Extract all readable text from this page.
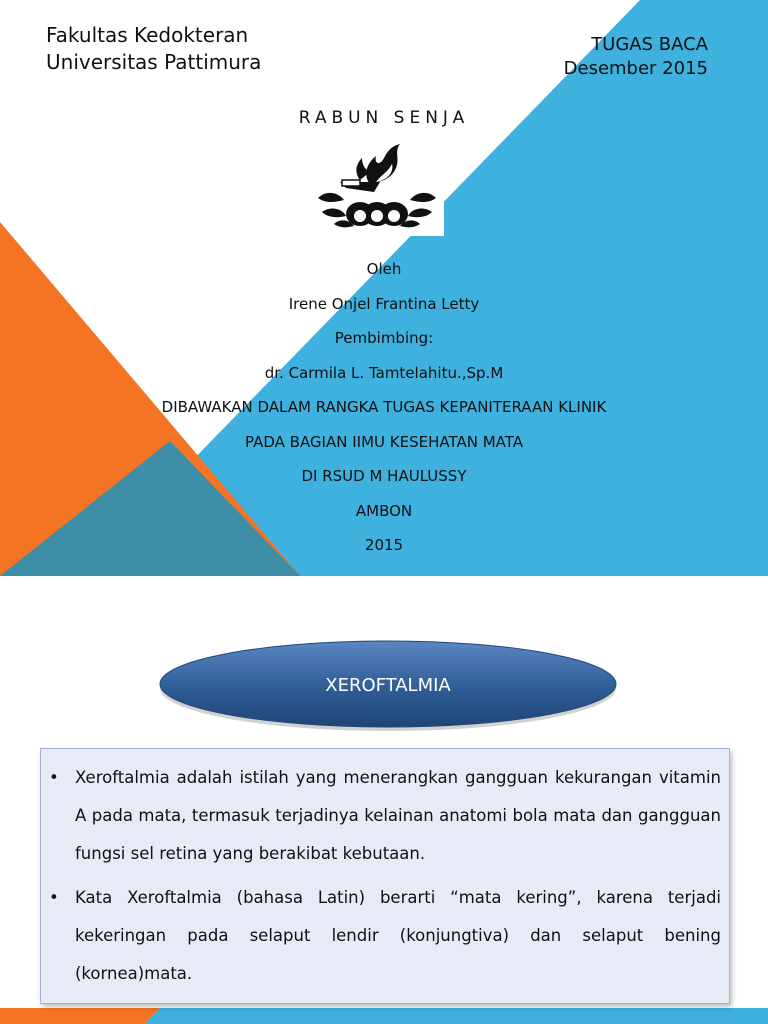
Fakultas Kedokteran
Universitas Pattimura
TUGAS BACA
Desember 2015
RABUN SENJA
Oleh
Irene Onjel Frantina Letty
Pembimbing:
dr. Carmila L. Tamtelahitu.,Sp.M
DIBAWAKAN DALAM RANGKA TUGAS KEPANITERAAN KLINIK
PADA BAGIAN IIMU KESEHATAN MATA
DI RSUD M HAULUSSY
AMBON
2015
XEROFTALMIA
• Xeroftalmia adalah istilah yang menerangkan gangguan kekurangan vitamin A pada mata, termasuk terjadinya kelainan anatomi bola mata dan gangguan fungsi sel retina yang berakibat kebutaan.
• Kata Xeroftalmia (bahasa Latin) berarti “mata kering”, karena terjadi kekeringan pada selaput lendir (konjungtiva) dan selaput bening (kornea)mata.
